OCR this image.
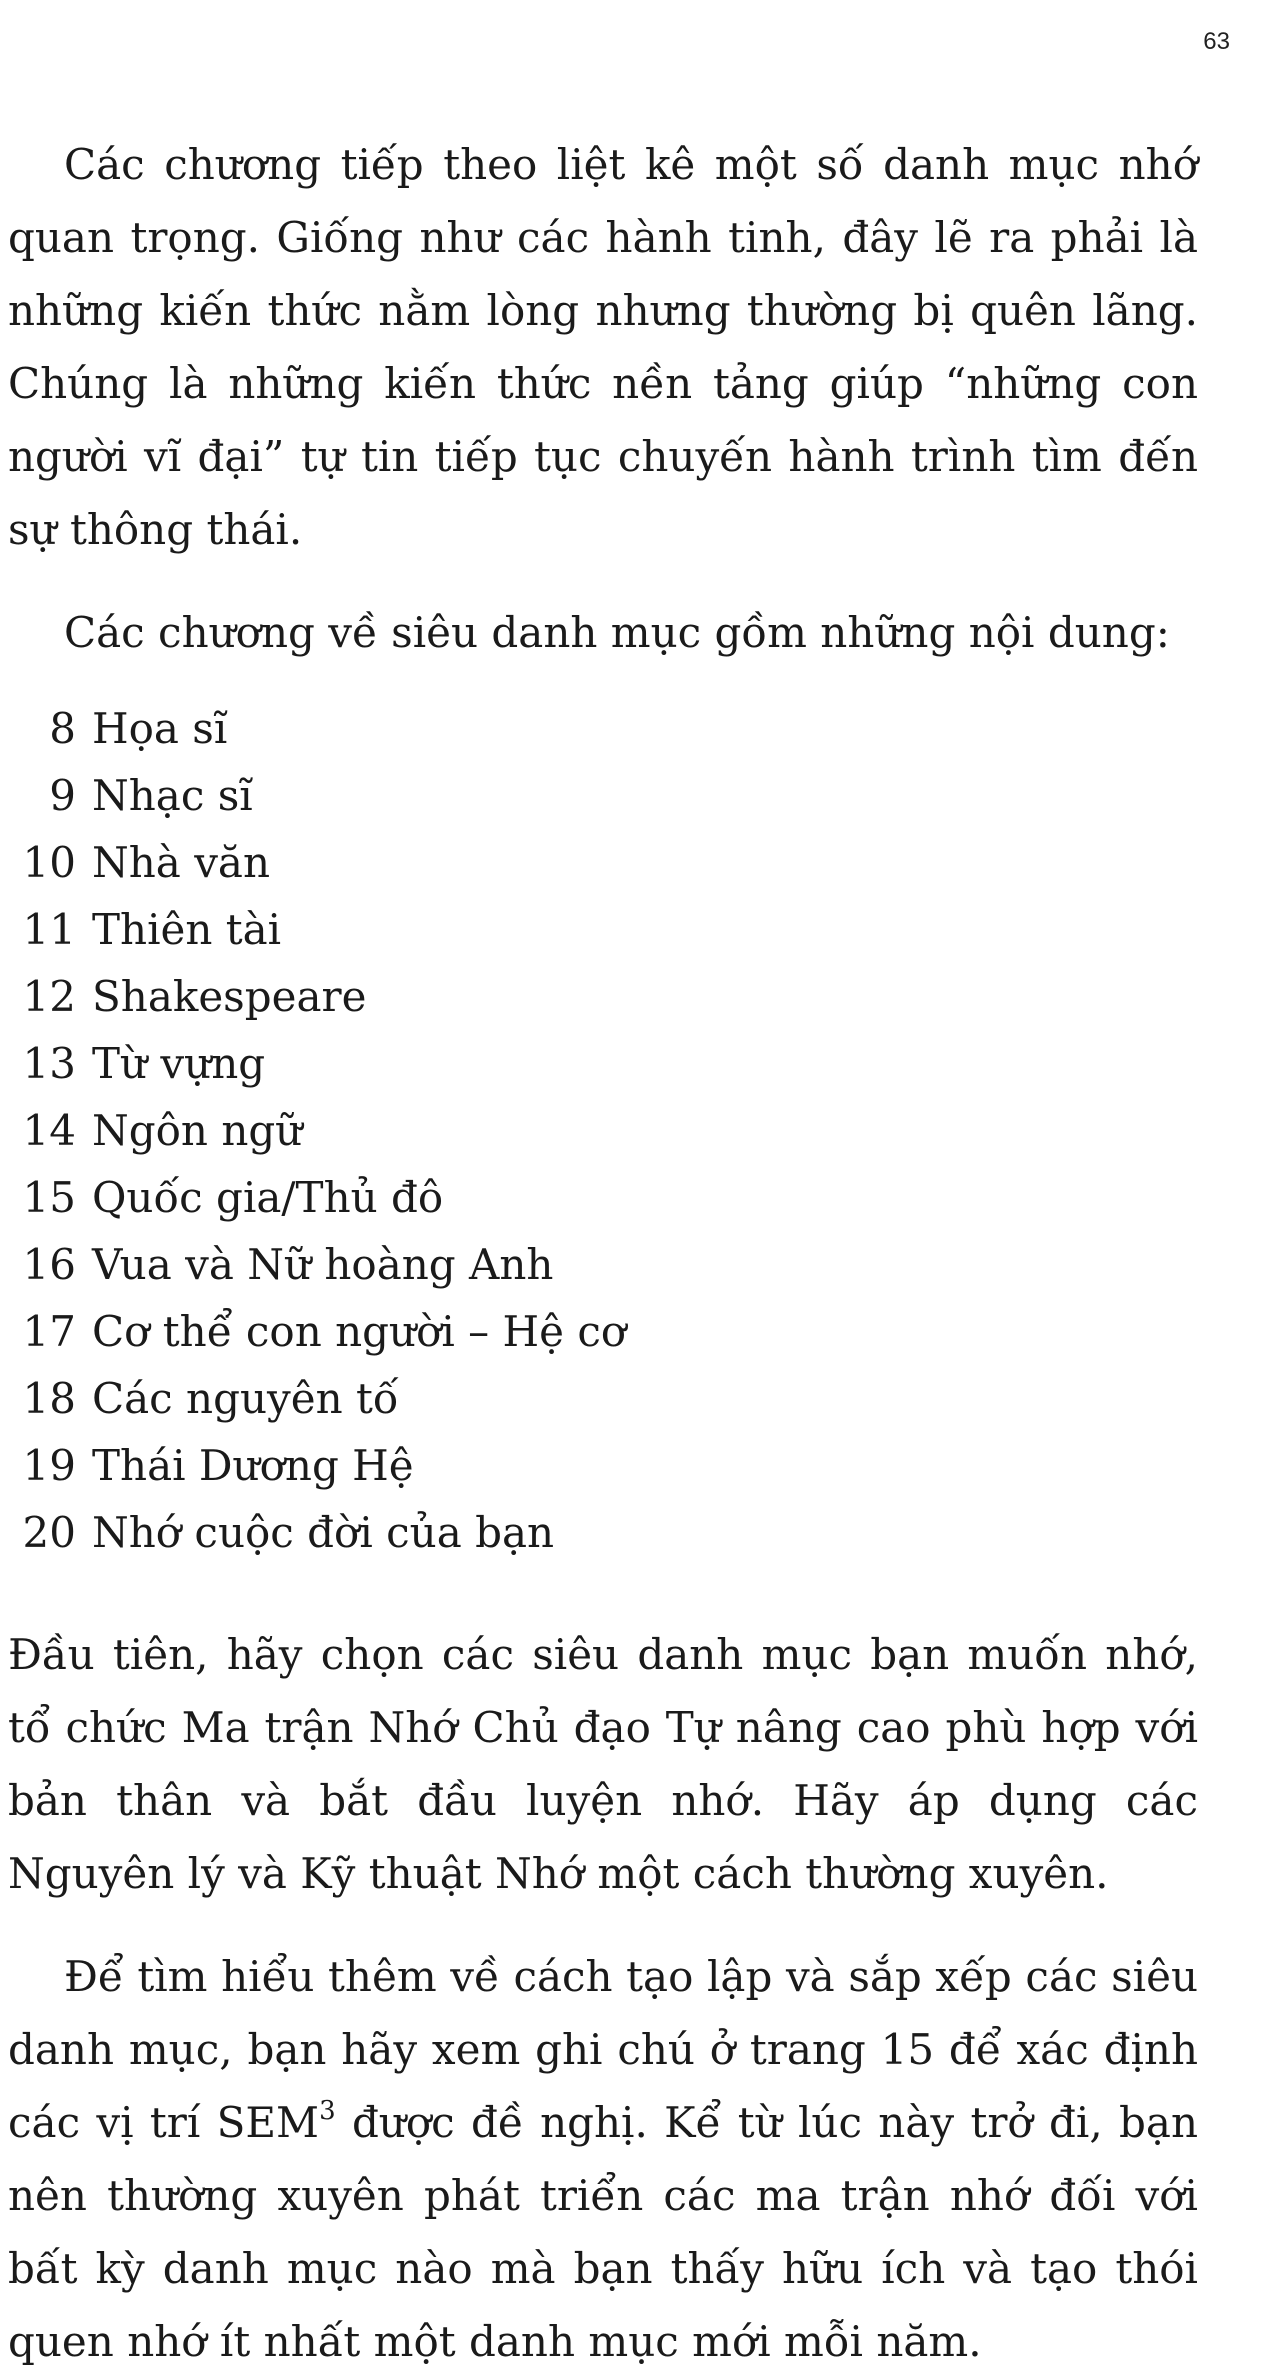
63

Các chương tiếp theo liệt kê một số danh mục nhớ quan trọng. Giống như các hành tinh, đây lẽ ra phải là những kiến thức nằm lòng nhưng thường bị quên lãng. Chúng là những kiến thức nền tảng giúp “những con người vĩ đại” tự tin tiếp tục chuyến hành trình tìm đến sự thông thái.

Các chương về siêu danh mục gồm những nội dung:

8 Họa sĩ
9 Nhạc sĩ
10 Nhà văn
11 Thiên tài
12 Shakespeare
13 Từ vựng
14 Ngôn ngữ
15 Quốc gia/Thủ đô
16 Vua và Nữ hoàng Anh
17 Cơ thể con người – Hệ cơ
18 Các nguyên tố
19 Thái Dương Hệ
20 Nhớ cuộc đời của bạn

Đầu tiên, hãy chọn các siêu danh mục bạn muốn nhớ, tổ chức Ma trận Nhớ Chủ đạo Tự nâng cao phù hợp với bản thân và bắt đầu luyện nhớ. Hãy áp dụng các Nguyên lý và Kỹ thuật Nhớ một cách thường xuyên.

Để tìm hiểu thêm về cách tạo lập và sắp xếp các siêu danh mục, bạn hãy xem ghi chú ở trang 15 để xác định các vị trí SEM$^3$ được đề nghị. Kể từ lúc này trở đi, bạn nên thường xuyên phát triển các ma trận nhớ đối với bất kỳ danh mục nào mà bạn thấy hữu ích và tạo thói quen nhớ ít nhất một danh mục mới mỗi năm.
